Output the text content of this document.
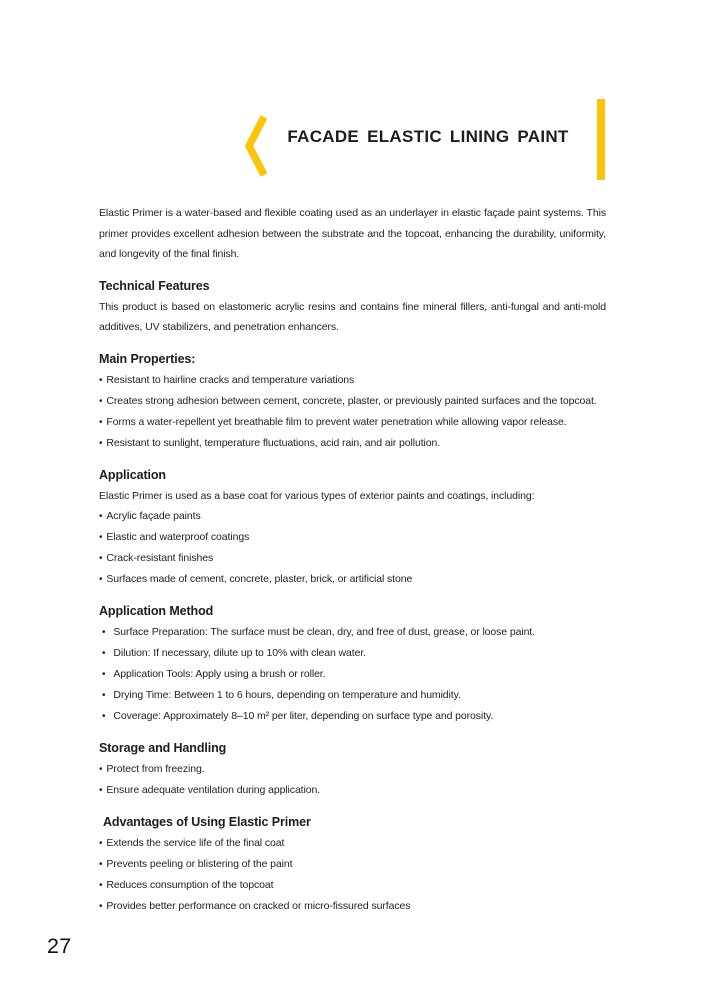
FACADE ELASTIC LINING PAINT

Elastic Primer is a water-based and flexible coating used as an underlayer in elastic façade paint systems. This primer provides excellent adhesion between the substrate and the topcoat, enhancing the durability, uniformity, and longevity of the final finish.

Technical Features

This product is based on elastomeric acrylic resins and contains fine mineral fillers, anti-fungal and anti-mold additives, UV stabilizers, and penetration enhancers.

Main Properties:
• Resistant to hairline cracks and temperature variations
• Creates strong adhesion between cement, concrete, plaster, or previously painted surfaces and the topcoat.
• Forms a water-repellent yet breathable film to prevent water penetration while allowing vapor release.
• Resistant to sunlight, temperature fluctuations, acid rain, and air pollution.
Application

Elastic Primer is used as a base coat for various types of exterior paints and coatings, including:

• Acrylic façade paints
• Elastic and waterproof coatings
• Crack-resistant finishes
• Surfaces made of cement, concrete, plaster, brick, or artificial stone
Application Method
• Surface Preparation: The surface must be clean, dry, and free of dust, grease, or loose paint.
• Dilution: If necessary, dilute up to 10% with clean water.
• Application Tools: Apply using a brush or roller.
• Drying Time: Between 1 to 6 hours, depending on temperature and humidity.
• Coverage: Approximately 8–10 m² per liter, depending on surface type and porosity.
Storage and Handling
• Protect from freezing.
• Ensure adequate ventilation during application.
Advantages of Using Elastic Primer
• Extends the service life of the final coat
• Prevents peeling or blistering of the paint
• Reduces consumption of the topcoat
• Provides better performance on cracked or micro-fissured surfaces
27
